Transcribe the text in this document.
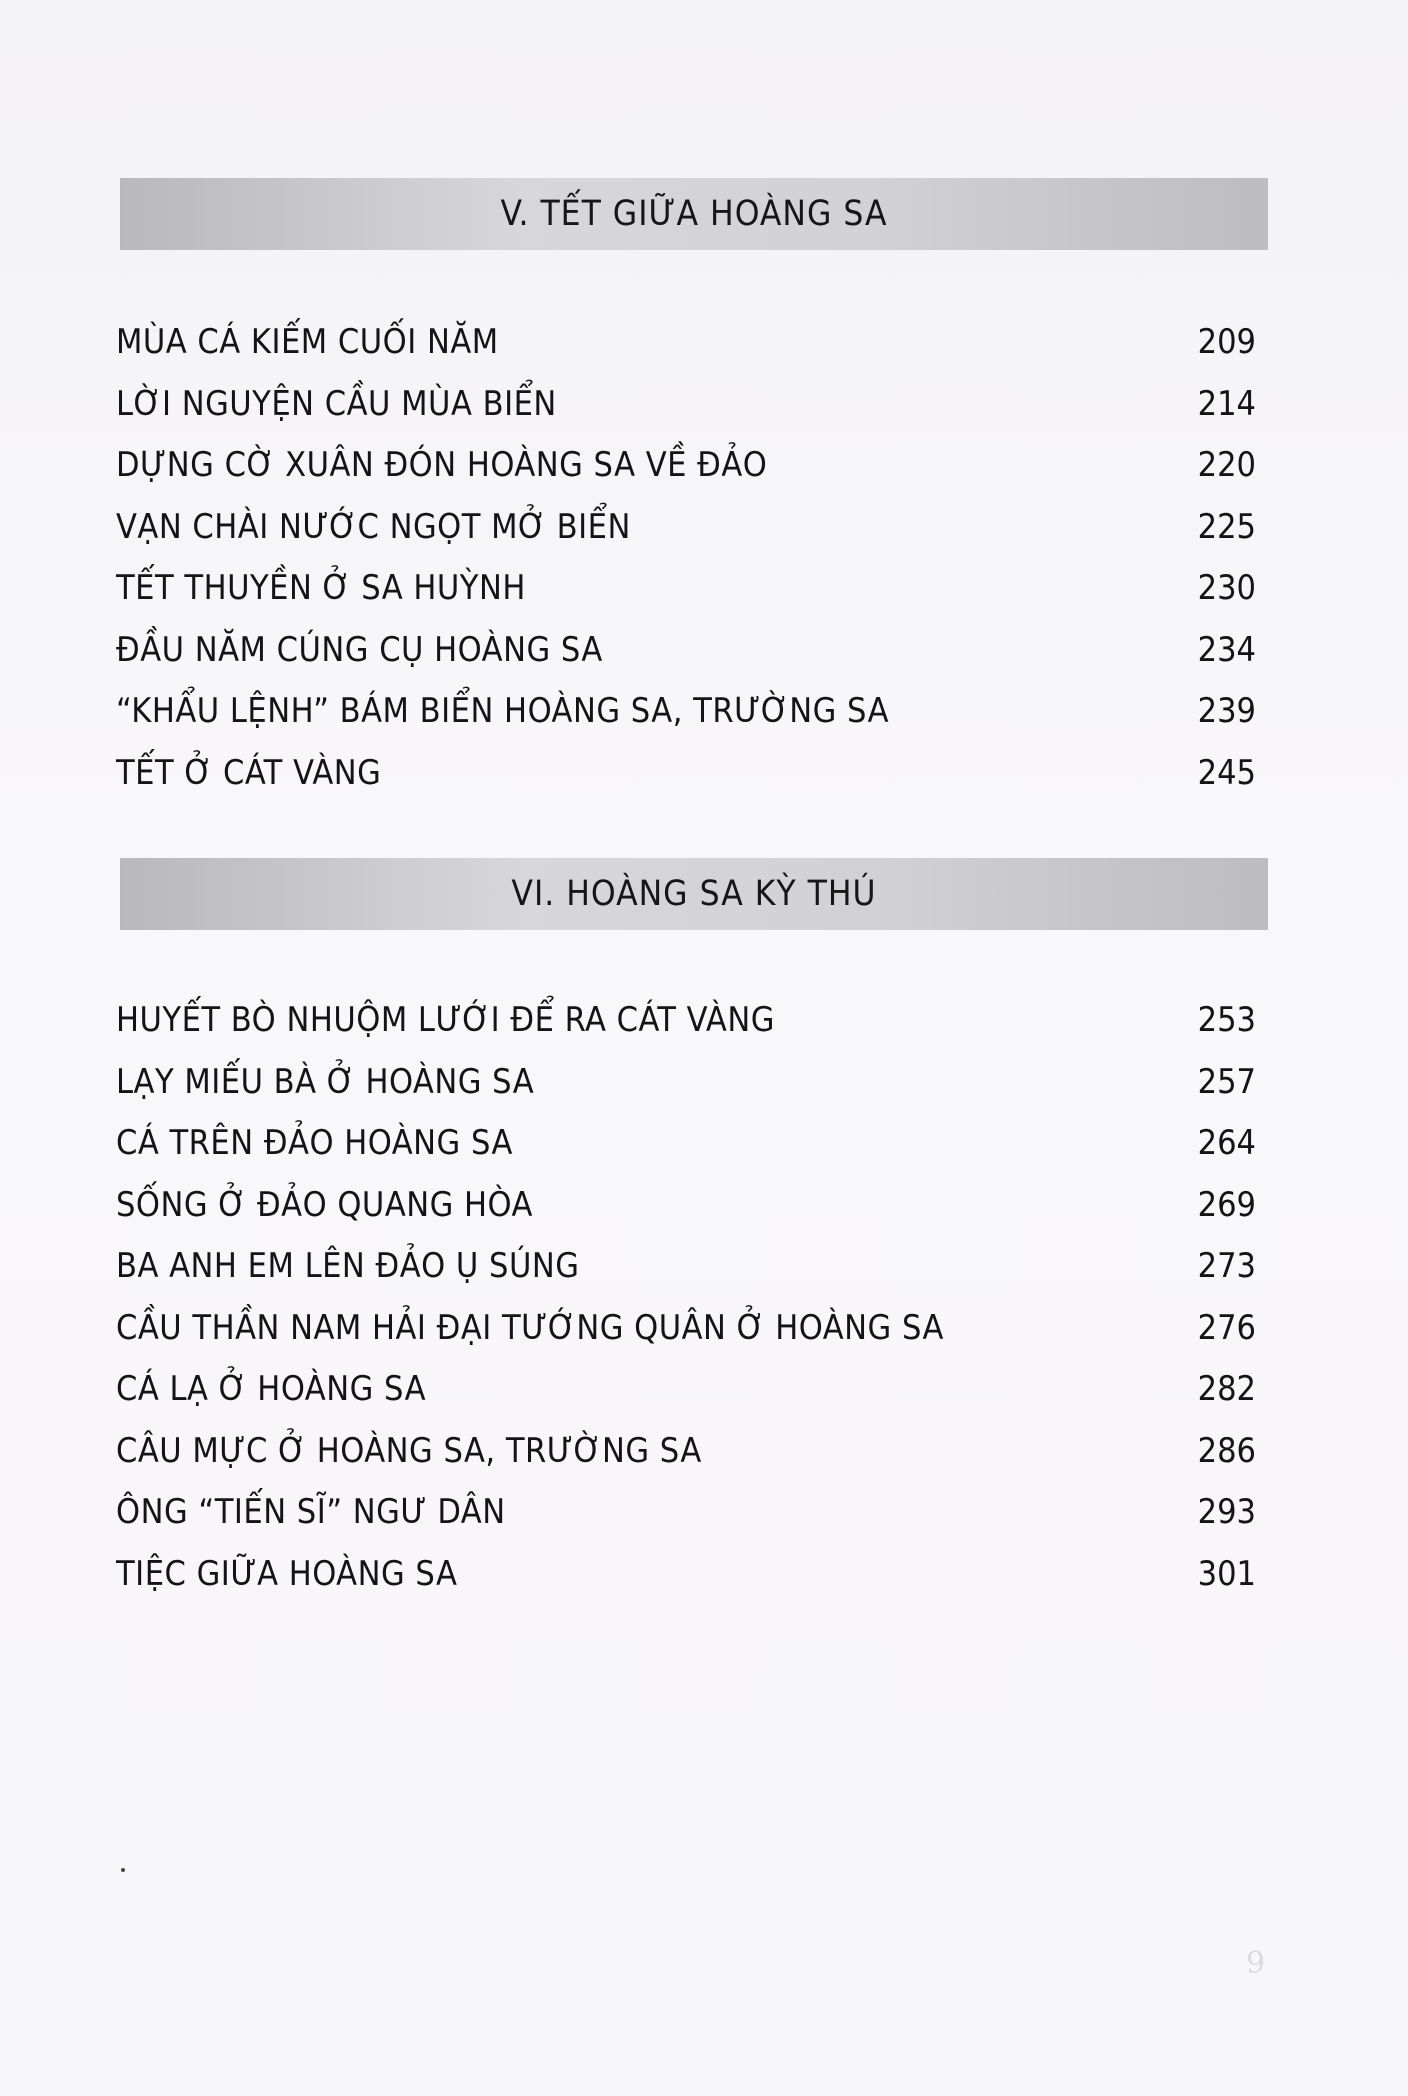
V. TẾT GIỮA HOÀNG SA
MÙA CÁ KIẾM CUỐI NĂM	209
LỜI NGUYỆN CẦU MÙA BIỂN	214
DỰNG CỜ XUÂN ĐÓN HOÀNG SA VỀ ĐẢO	220
VẠN CHÀI NƯỚC NGỌT MỞ BIỂN	225
TẾT THUYỀN Ở SA HUỲNH	230
ĐẦU NĂM CÚNG CỤ HOÀNG SA	234
“KHẨU LỆNH” BÁM BIỂN HOÀNG SA, TRƯỜNG SA	239
TẾT Ở CÁT VÀNG	245
VI. HOÀNG SA KỲ THÚ
HUYẾT BÒ NHUỘM LƯỚI ĐỂ RA CÁT VÀNG	253
LẠY MIẾU BÀ Ở HOÀNG SA	257
CÁ TRÊN ĐẢO HOÀNG SA	264
SỐNG Ở ĐẢO QUANG HÒA	269
BA ANH EM LÊN ĐẢO Ụ SÚNG	273
CẦU THẦN NAM HẢI ĐẠI TƯỚNG QUÂN Ở HOÀNG SA	276
CÁ LẠ Ở HOÀNG SA	282
CÂU MỰC Ở HOÀNG SA, TRƯỜNG SA	286
ÔNG “TIẾN SĨ” NGƯ DÂN	293
TIỆC GIỮA HOÀNG SA	301
9
